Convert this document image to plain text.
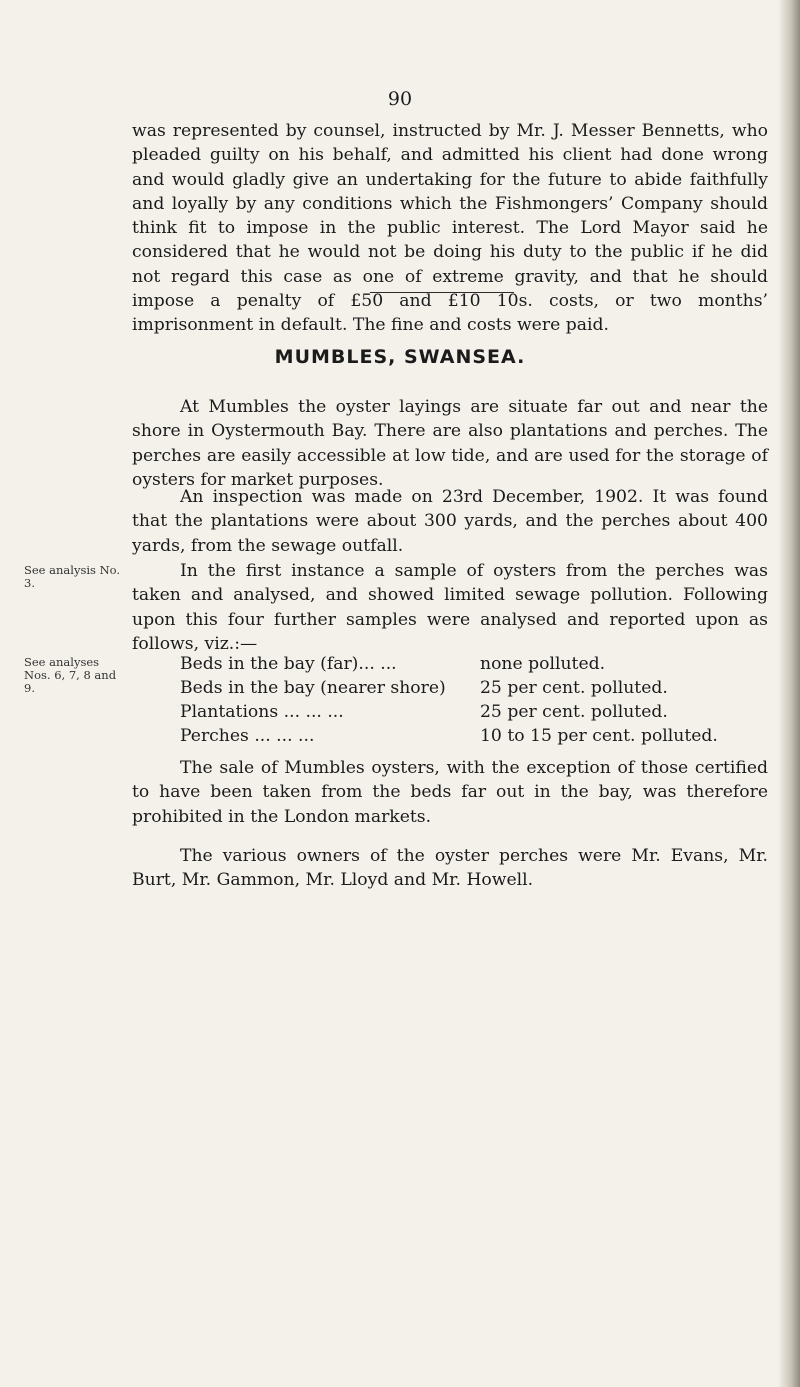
90

was represented by counsel, instructed by Mr. J. Messer Bennetts, who pleaded guilty on his behalf, and admitted his client had done wrong and would gladly give an undertaking for the future to abide faithfully and loyally by any conditions which the Fishmongers’ Company should think fit to impose in the public interest. The Lord Mayor said he considered that he would not be doing his duty to the public if he did not regard this case as one of extreme gravity, and that he should impose a penalty of £50 and £10 10s. costs, or two months’ imprisonment in default. The fine and costs were paid.

MUMBLES, SWANSEA.

At Mumbles the oyster layings are situate far out and near the shore in Oystermouth Bay. There are also plantations and perches. The perches are easily accessible at low tide, and are used for the storage of oysters for market purposes.

An inspection was made on 23rd December, 1902. It was found that the plantations were about 300 yards, and the perches about 400 yards, from the sewage outfall.

See analysis No. 3.

In the first instance a sample of oysters from the perches was taken and analysed, and showed limited sewage pollution. Following upon this four further samples were analysed and reported upon as follows, viz.:—

See analyses Nos. 6, 7, 8 and 9.
Beds in the bay (far)... ...	none polluted.
Beds in the bay (nearer shore)	25 per cent. polluted.
Plantations ... ... ...	25 per cent. polluted.
Perches ... ... ...	10 to 15 per cent. polluted.

The sale of Mumbles oysters, with the exception of those certified to have been taken from the beds far out in the bay, was therefore prohibited in the London markets.

The various owners of the oyster perches were Mr. Evans, Mr. Burt, Mr. Gammon, Mr. Lloyd and Mr. Howell.
